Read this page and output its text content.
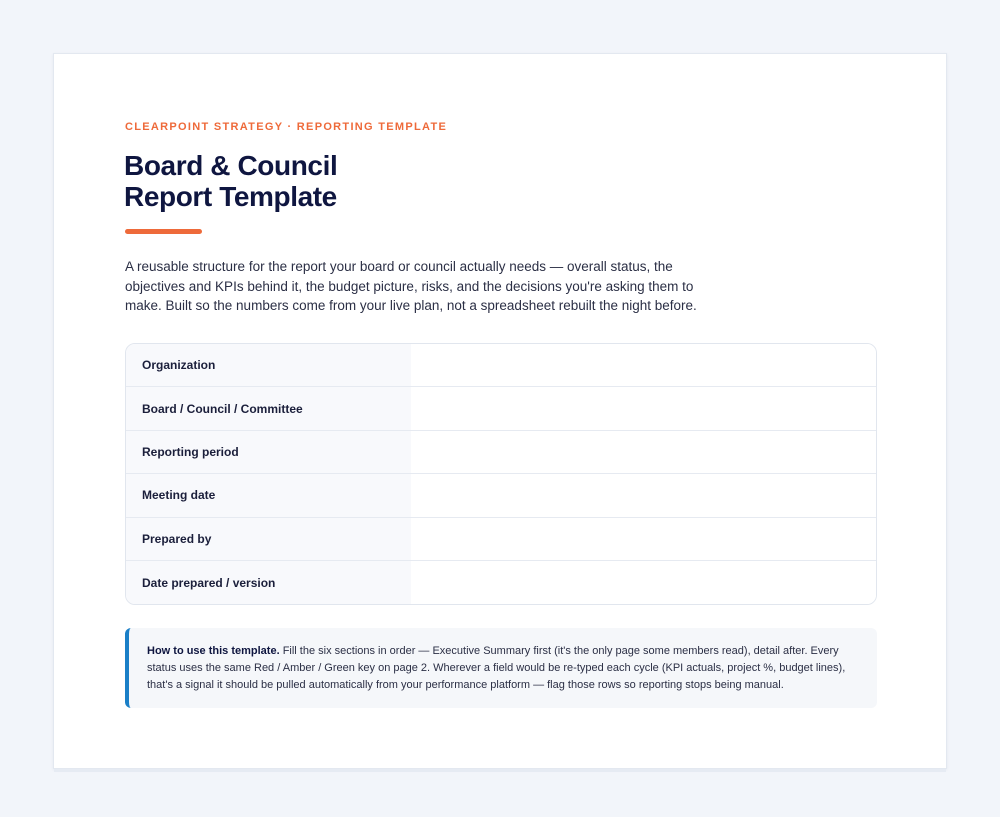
CLEARPOINT STRATEGY · REPORTING TEMPLATE
Board & Council
Report Template

A reusable structure for the report your board or council actually needs — overall status, the objectives and KPIs behind it, the budget picture, risks, and the decisions you're asking them to make. Built so the numbers come from your live plan, not a spreadsheet rebuilt the night before.

Organization
Board / Council / Committee
Reporting period
Meeting date
Prepared by
Date prepared / version
How to use this template. Fill the six sections in order — Executive Summary first (it's the only page some members read), detail after. Every status uses the same Red / Amber / Green key on page 2. Wherever a field would be re-typed each cycle (KPI actuals, project %, budget lines), that's a signal it should be pulled automatically from your performance platform — flag those rows so reporting stops being manual.
